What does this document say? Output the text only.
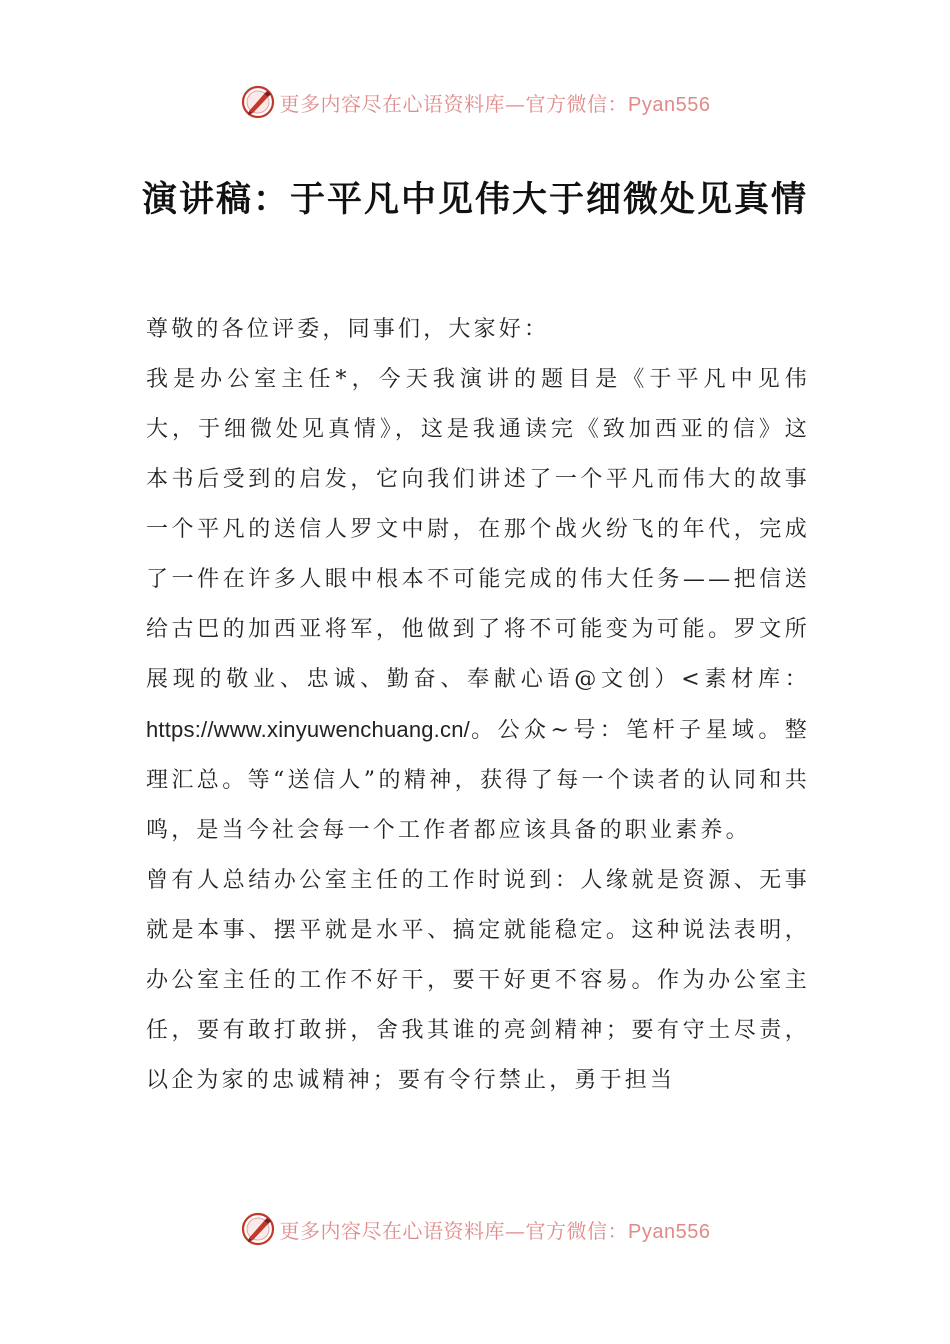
更多内容尽在心语资料库—官方微信：Pyan556
演讲稿：于平凡中见伟大于细微处见真情

尊敬的各位评委，同事们，大家好：

我是办公室主任*，今天我演讲的题目是《于平凡中见伟大，于细微处见真情》，这是我通读完《致加西亚的信》这本书后受到的启发，它向我们讲述了一个平凡而伟大的故事一个平凡的送信人罗文中尉，在那个战火纷飞的年代，完成了一件在许多人眼中根本不可能完成的伟大任务——把信送给古巴的加西亚将军，他做到了将不可能变为可能。罗文所展现的敬业、忠诚、勤奋、奉献心语@文创）<素材库：https://www.xinyuwenchuang.cn/。公众~号：笔杆子星域。整理汇总。等“送信人”的精神，获得了每一个读者的认同和共鸣，是当今社会每一个工作者都应该具备的职业素养。

曾有人总结办公室主任的工作时说到：人缘就是资源、无事就是本事、摆平就是水平、搞定就能稳定。这种说法表明，办公室主任的工作不好干，要干好更不容易。作为办公室主任，要有敢打敢拼，舍我其谁的亮剑精神；要有守土尽责，以企为家的忠诚精神；要有令行禁止，勇于担当

更多内容尽在心语资料库—官方微信：Pyan556
